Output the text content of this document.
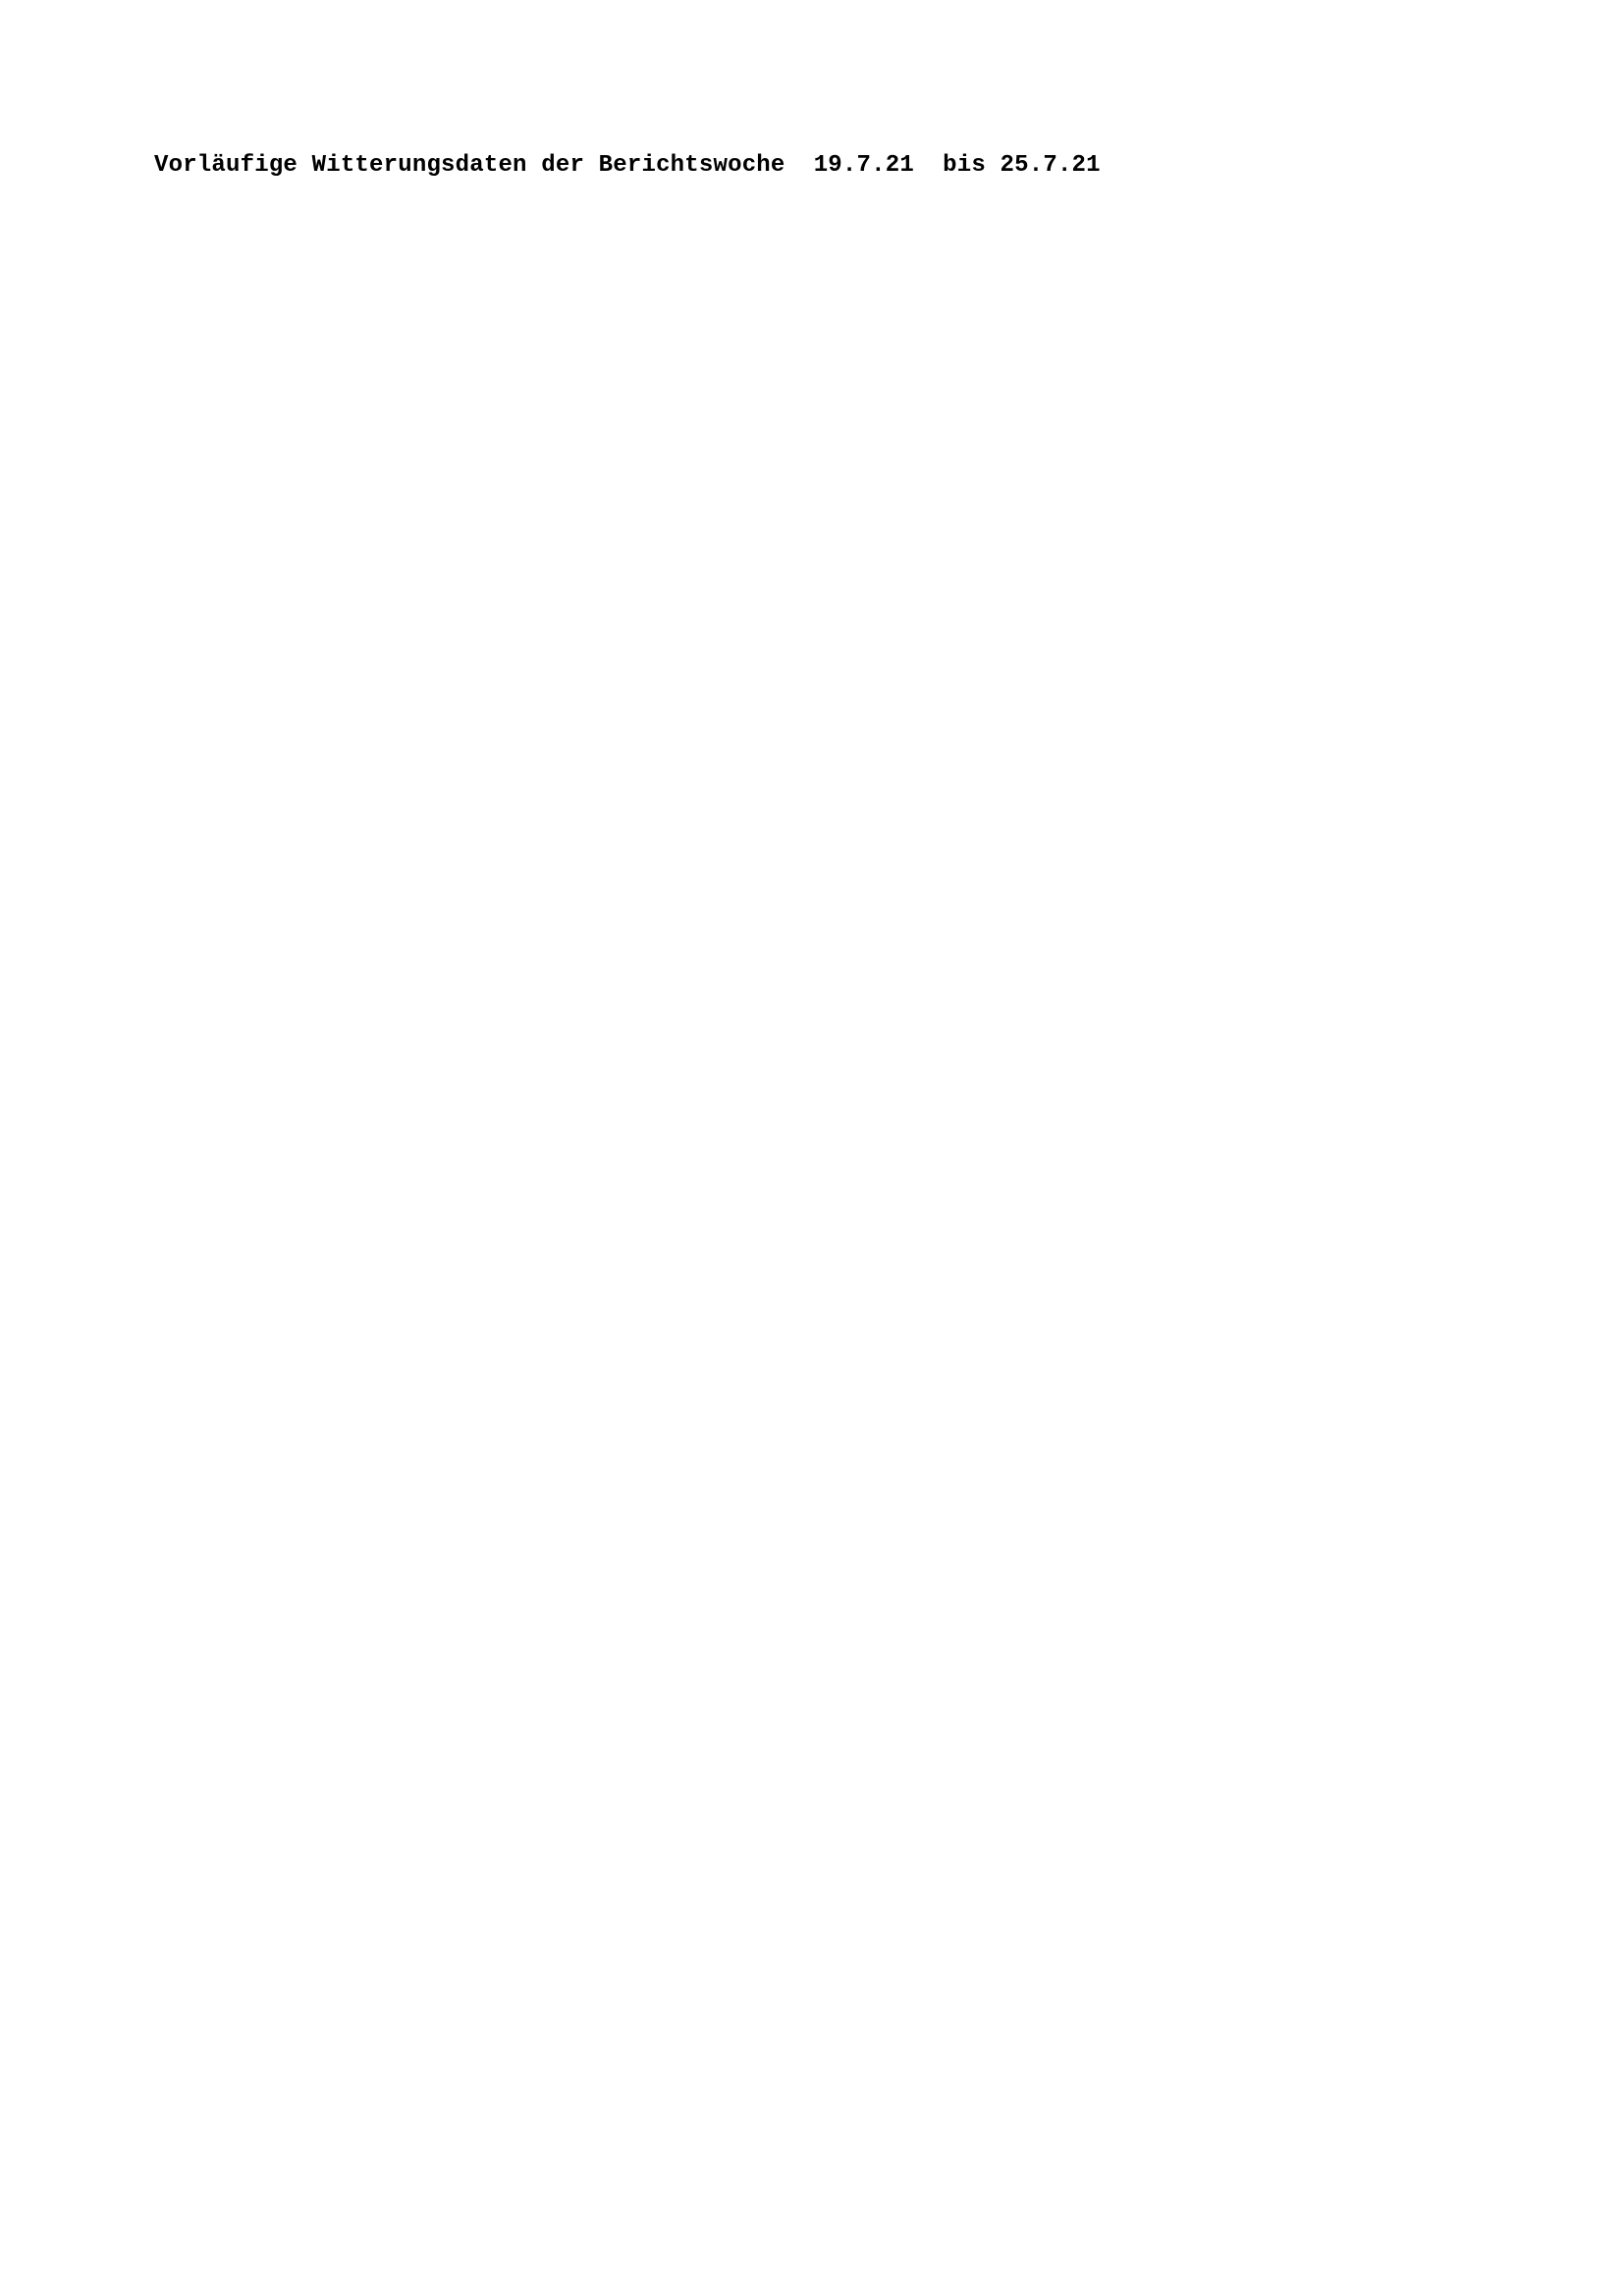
Vorläufige Witterungsdaten der Berichtswoche  19.7.21  bis 25.7.21
